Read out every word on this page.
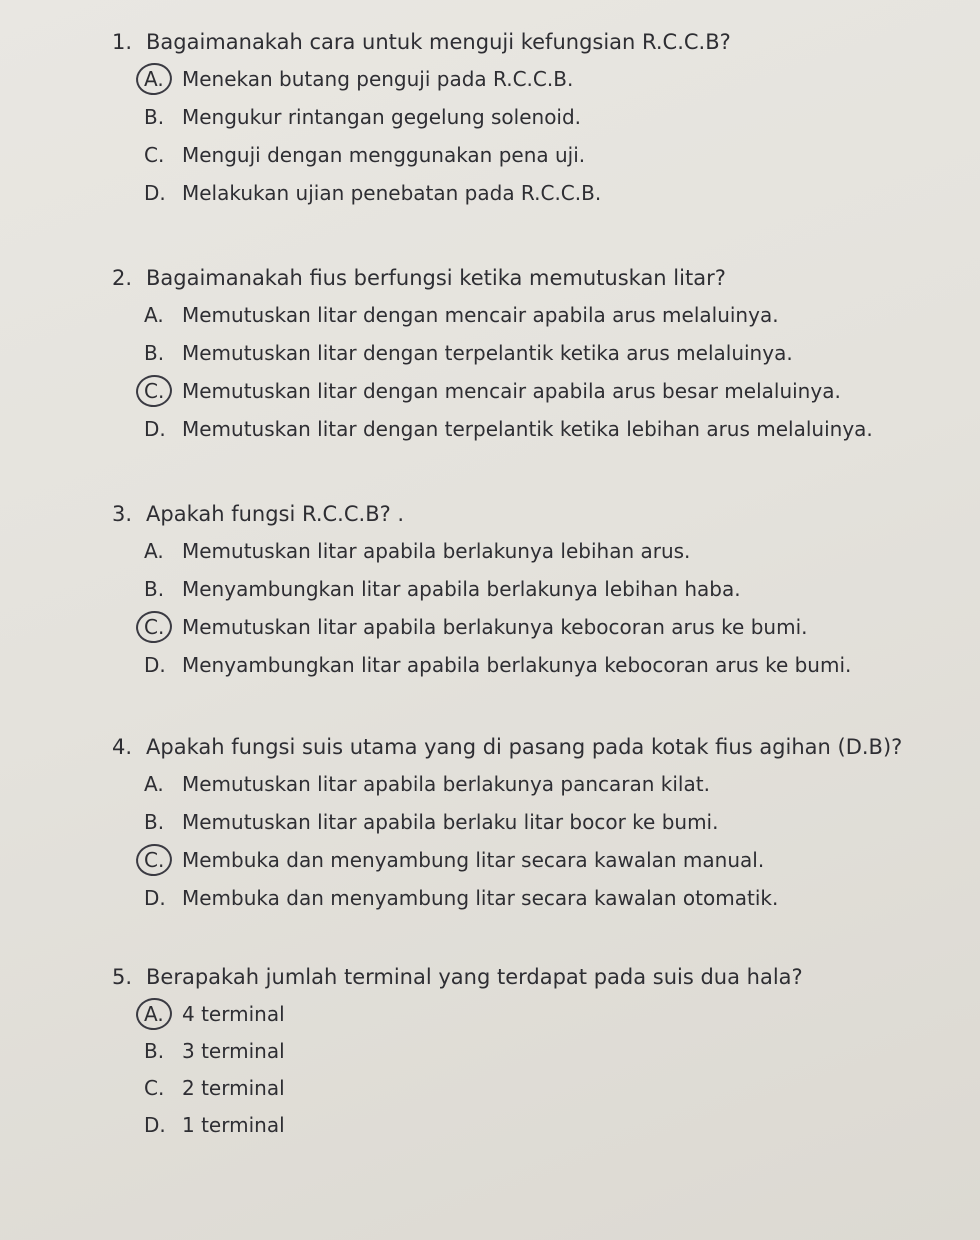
1. Bagaimanakah cara untuk menguji kefungsian R.C.C.B?
A. Menekan butang penguji pada R.C.C.B.
B. Mengukur rintangan gegelung solenoid.
C. Menguji dengan menggunakan pena uji.
D. Melakukan ujian penebatan pada R.C.C.B.
2. Bagaimanakah fius berfungsi ketika memutuskan litar?
A. Memutuskan litar dengan mencair apabila arus melaluinya.
B. Memutuskan litar dengan terpelantik ketika arus melaluinya.
C. Memutuskan litar dengan mencair apabila arus besar melaluinya.
D. Memutuskan litar dengan terpelantik ketika lebihan arus melaluinya.
3. Apakah fungsi R.C.C.B? .
A. Memutuskan litar apabila berlakunya lebihan arus.
B. Menyambungkan litar apabila berlakunya lebihan haba.
C. Memutuskan litar apabila berlakunya kebocoran arus ke bumi.
D. Menyambungkan litar apabila berlakunya kebocoran arus ke bumi.
4. Apakah fungsi suis utama yang di pasang pada kotak fius agihan (D.B)?
A. Memutuskan litar apabila berlakunya pancaran kilat.
B. Memutuskan litar apabila berlaku litar bocor ke bumi.
C. Membuka dan menyambung litar secara kawalan manual.
D. Membuka dan menyambung litar secara kawalan otomatik.
5. Berapakah jumlah terminal yang terdapat pada suis dua hala?
A. 4 terminal
B. 3 terminal
C. 2 terminal
D. 1 terminal
